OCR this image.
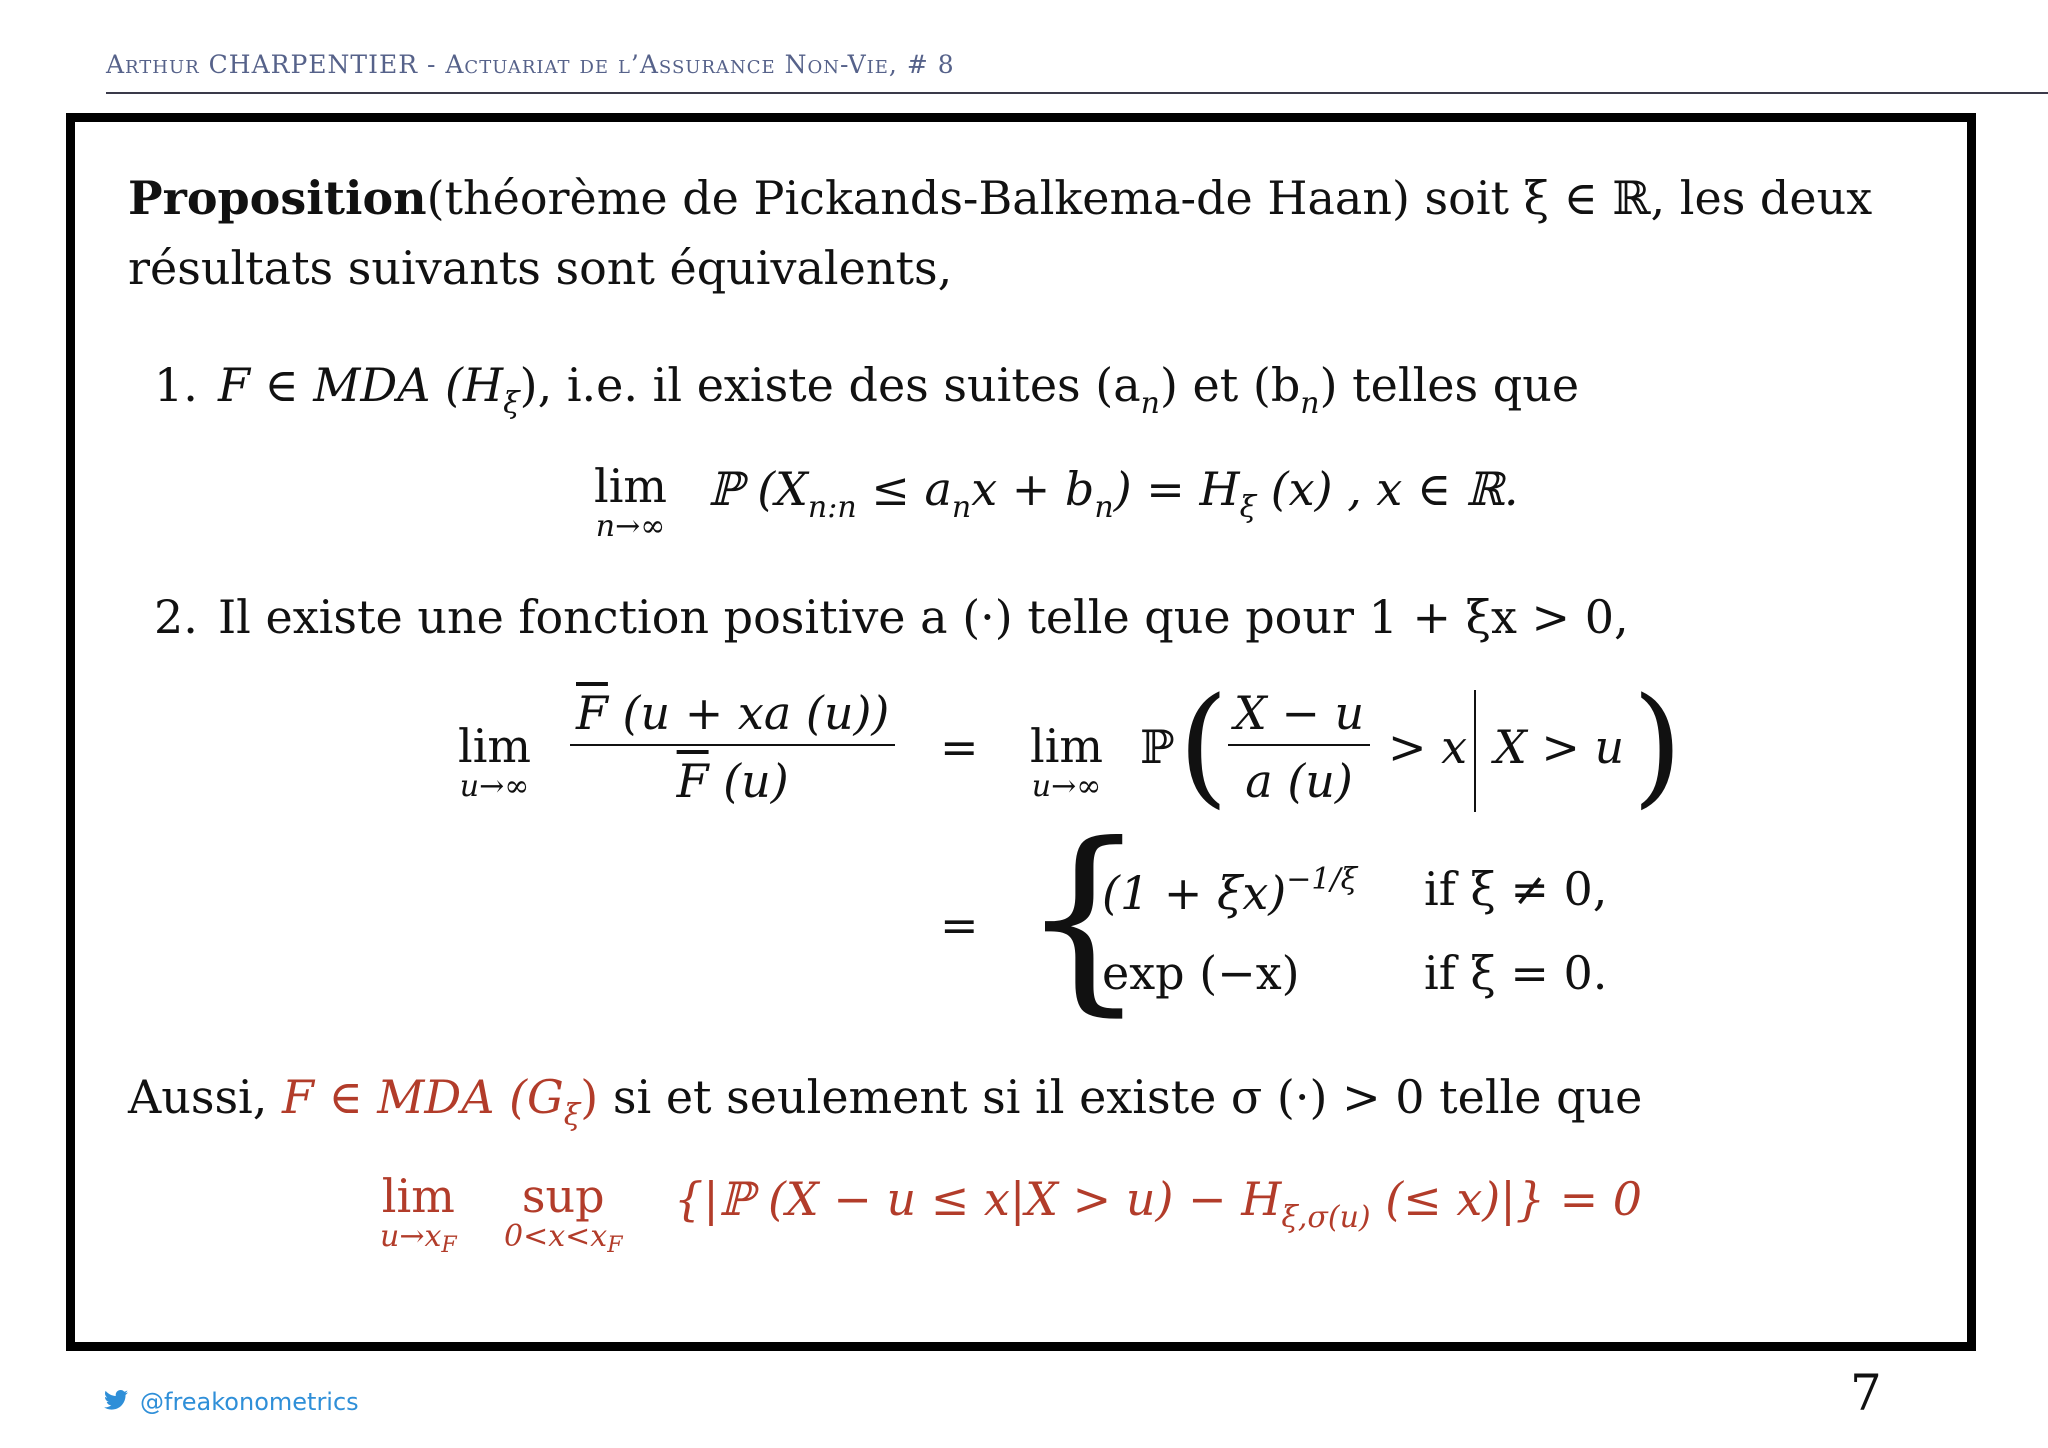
Arthur CHARPENTIER - Actuariat de l’Assurance Non-Vie, # 8
Proposition(théorème de Pickands-Balkema-de Haan) soit ξ ∈ ℝ, les deux
résultats suivants sont équivalents,
1. F ∈ MDA $(H_\xi)$, i.e. il existe des suites $(a_n)$ et $(b_n)$ telles que
lim
n→∞
ℙ $(X_{n:n} \le a_nx + b_n) = H_\xi$ (x) , x ∈ ℝ.
2. Il existe une fonction positive a (·) telle que pour 1 + ξx > 0,
lim
$u\to\infty \frac{\overline{F} (u + xa (u))}{\overline{F} (u)} = \lim$
u→∞
ℙ ( $\frac{X - u}{a (u)} > x$ X > u )
= {
$(1 + \xi x)^{-1/\xi}$ if ξ ≠ 0,
exp (−x)	if ξ = 0.
Aussi, F ∈ MDA $(G_\xi)$ si et seulement si il existe σ (·) > 0 telle que
lim
$u\to x_F$
sup
$0<x<x_F$
{|ℙ $(X - u \le x|X > u) - H_{\xi,\sigma(u)}$ (≤ x)|} = 0
@freakonometrics	7
